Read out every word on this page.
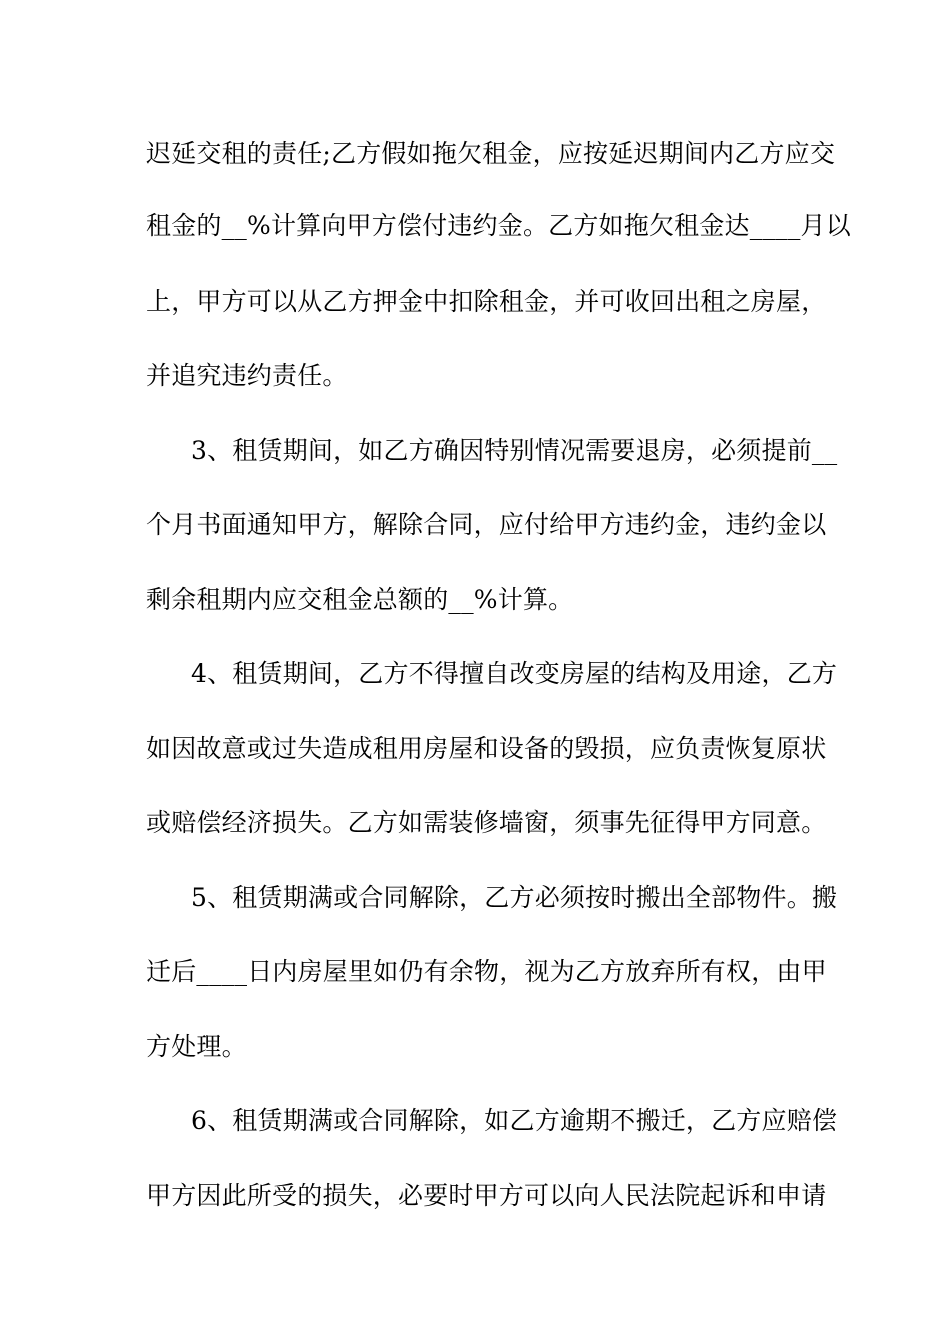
迟延交租的责任;乙方假如拖欠租金，应按延迟期间内乙方应交
租金的__%计算向甲方偿付违约金。乙方如拖欠租金达____月以
上，甲方可以从乙方押金中扣除租金，并可收回出租之房屋，
并追究违约责任。
3、租赁期间，如乙方确因特别情况需要退房，必须提前__
个月书面通知甲方，解除合同，应付给甲方违约金，违约金以
剩余租期内应交租金总额的__%计算。
4、租赁期间，乙方不得擅自改变房屋的结构及用途，乙方
如因故意或过失造成租用房屋和设备的毁损，应负责恢复原状
或赔偿经济损失。乙方如需装修墙窗，须事先征得甲方同意。
5、租赁期满或合同解除，乙方必须按时搬出全部物件。搬
迁后____日内房屋里如仍有余物，视为乙方放弃所有权，由甲
方处理。
6、租赁期满或合同解除，如乙方逾期不搬迁，乙方应赔偿
甲方因此所受的损失，必要时甲方可以向人民法院起诉和申请
